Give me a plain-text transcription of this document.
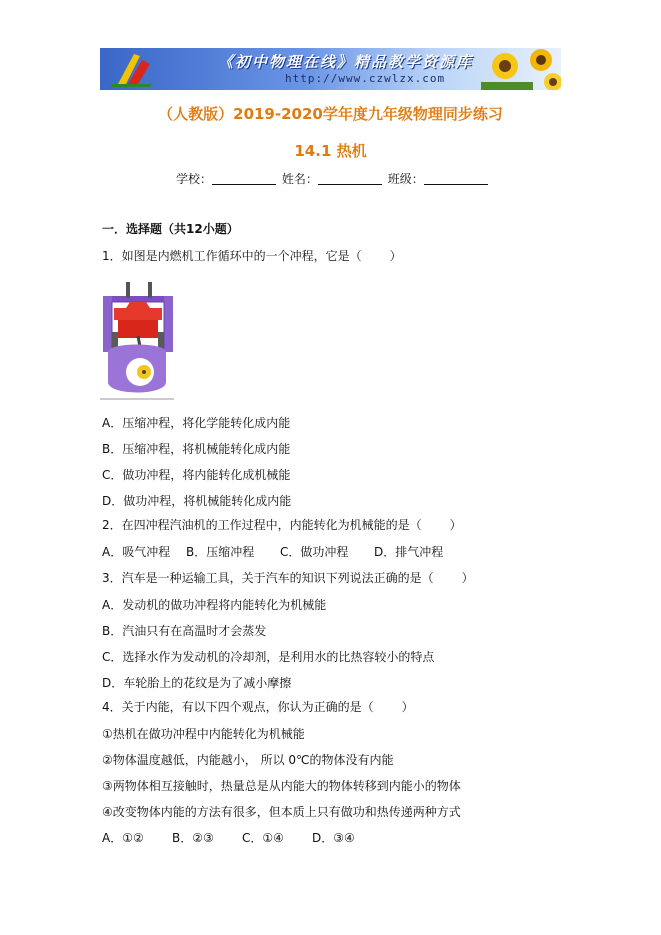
《初中物理在线》精品教学资源库
http://www.czwlzx.com
（人教版）2019-2020学年度九年级物理同步练习
14.1 热机
学校：	姓名：	班级：
一．选择题（共12小题）
1．如图是内燃机工作循环中的一个冲程，它是（ ）
A．压缩冲程，将化学能转化成内能
B．压缩冲程，将机械能转化成内能
C．做功冲程，将内能转化成机械能
D．做功冲程，将机械能转化成内能
2．在四冲程汽油机的工作过程中，内能转化为机械能的是（ ）
A．吸气冲程 B．压缩冲程 C．做功冲程 D．排气冲程
3．汽车是一种运输工具，关于汽车的知识下列说法正确的是（ ）
A．发动机的做功冲程将内能转化为机械能
B．汽油只有在高温时才会蒸发
C．选择水作为发动机的冷却剂，是利用水的比热容较小的特点
D．车轮胎上的花纹是为了减小摩擦
4．关于内能，有以下四个观点，你认为正确的是（ ）
①热机在做功冲程中内能转化为机械能
②物体温度越低，内能越小， 所以 0℃的物体没有内能
③两物体相互接触时，热量总是从内能大的物体转移到内能小的物体
④改变物体内能的方法有很多，但本质上只有做功和热传递两种方式
A．①② B．②③ C．①④ D．③④
